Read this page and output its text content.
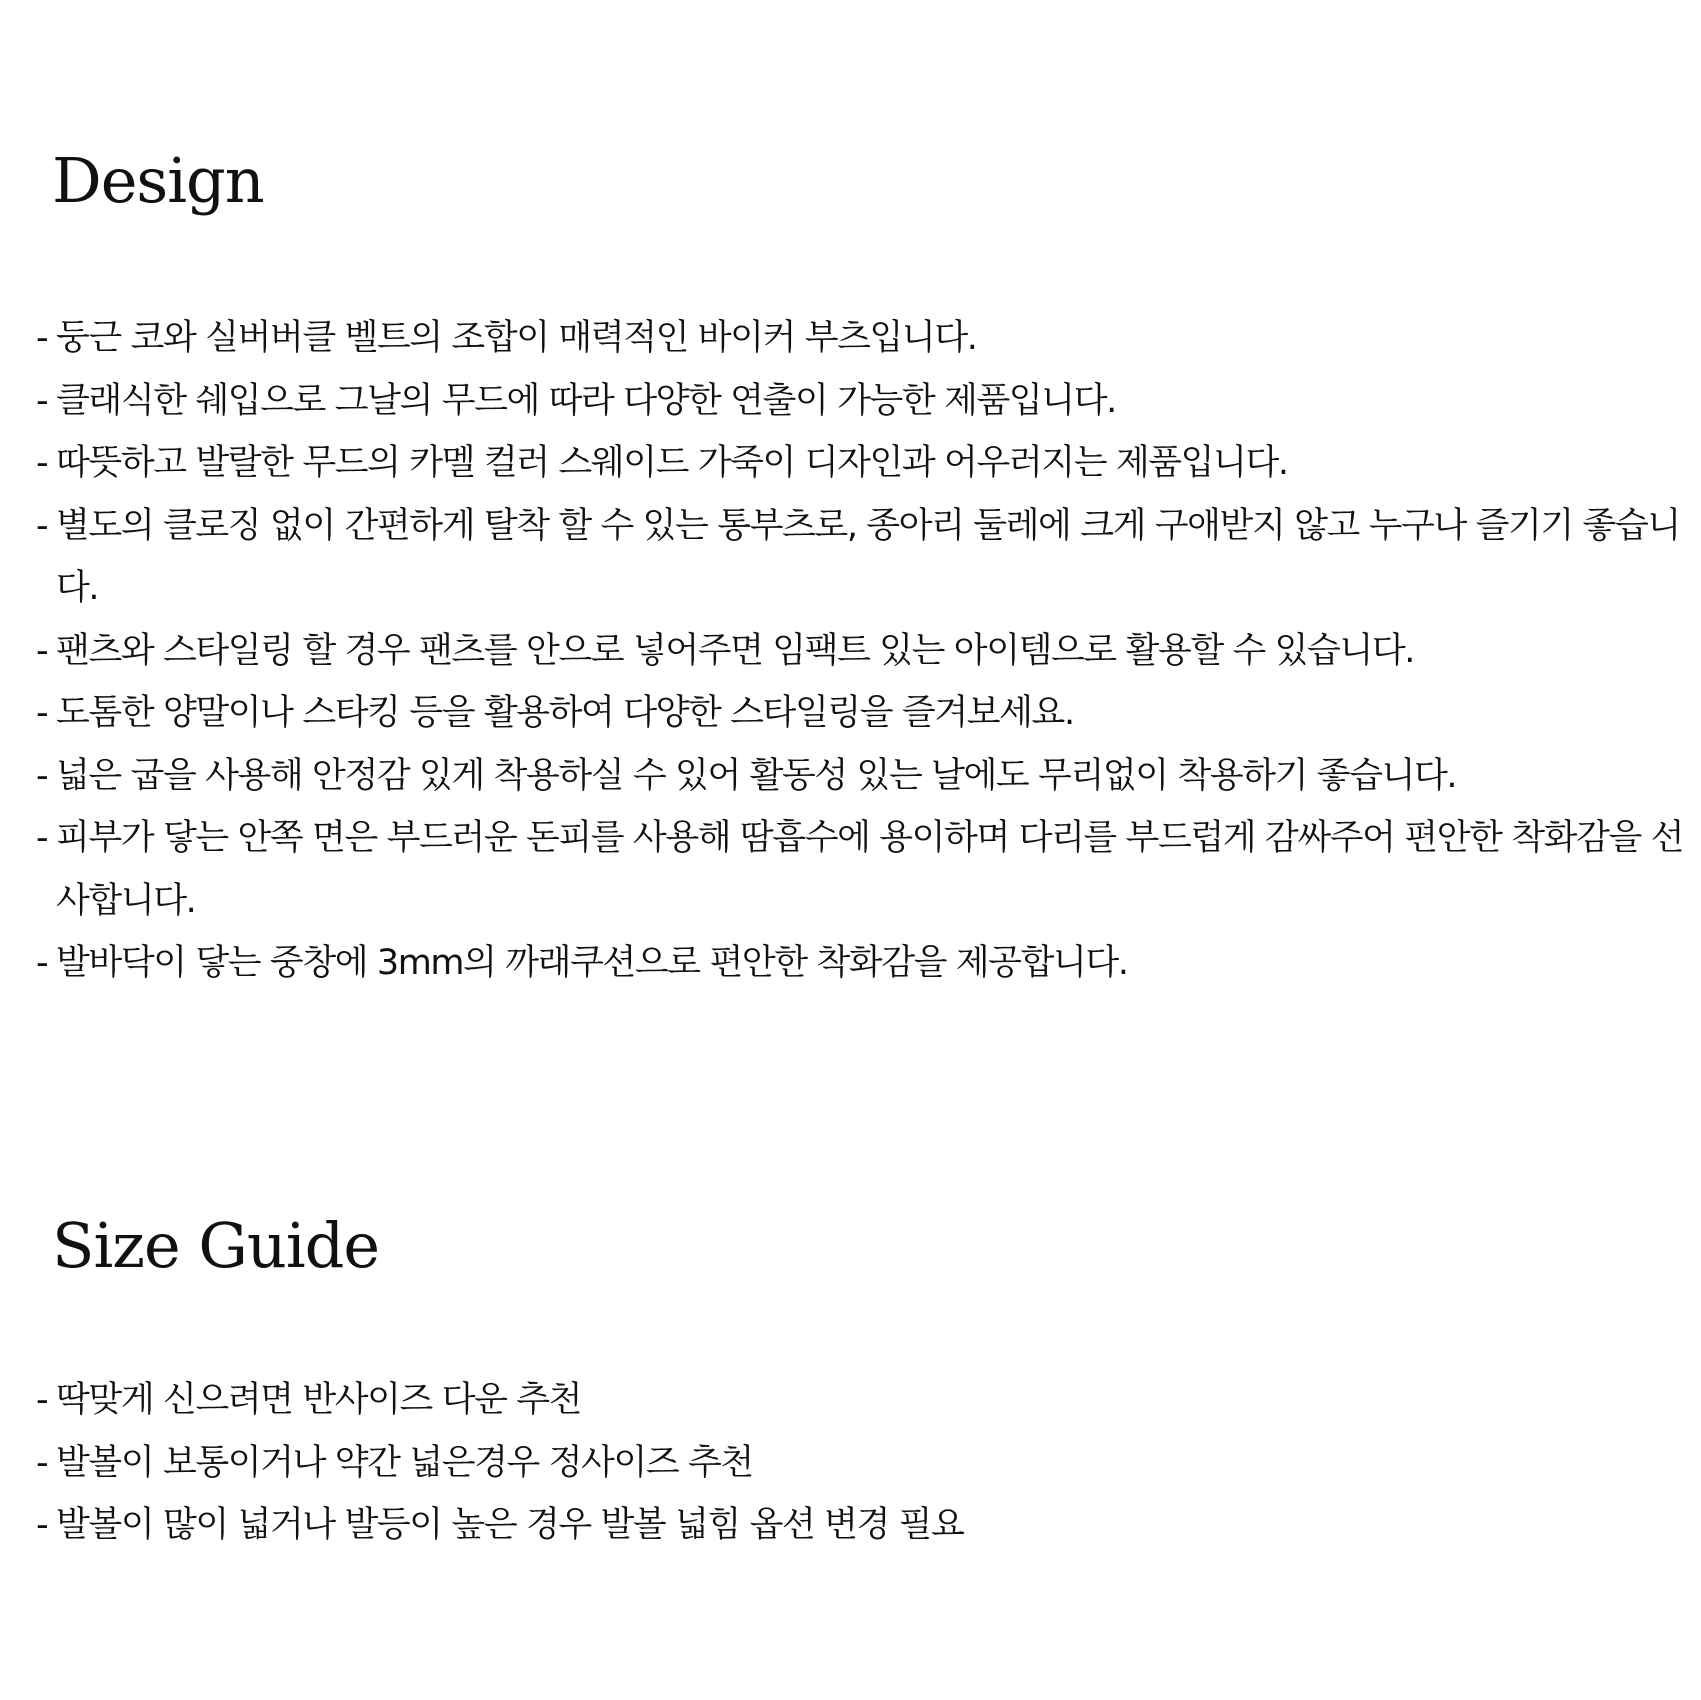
Design
- 둥근 코와 실버버클 벨트의 조합이 매력적인 바이커 부츠입니다.
- 클래식한 쉐입으로 그날의 무드에 따라 다양한 연출이 가능한 제품입니다.
- 따뜻하고 발랄한 무드의 카멜 컬러 스웨이드 가죽이 디자인과 어우러지는 제품입니다.
- 별도의 클로징 없이 간편하게 탈착 할 수 있는 통부츠로, 종아리 둘레에 크게 구애받지 않고 누구나 즐기기 좋습니다.
- 팬츠와 스타일링 할 경우 팬츠를 안으로 넣어주면 임팩트 있는 아이템으로 활용할 수 있습니다.
- 도톰한 양말이나 스타킹 등을 활용하여 다양한 스타일링을 즐겨보세요.
- 넓은 굽을 사용해 안정감 있게 착용하실 수 있어 활동성 있는 날에도 무리없이 착용하기 좋습니다.
- 피부가 닿는 안쪽 면은 부드러운 돈피를 사용해 땀흡수에 용이하며 다리를 부드럽게 감싸주어 편안한 착화감을 선사합니다.
- 발바닥이 닿는 중창에 3mm의 까래쿠션으로 편안한 착화감을 제공합니다.
Size Guide
- 딱맞게 신으려면 반사이즈 다운 추천
- 발볼이 보통이거나 약간 넓은경우 정사이즈 추천
- 발볼이 많이 넓거나 발등이 높은 경우 발볼 넓힘 옵션 변경 필요
